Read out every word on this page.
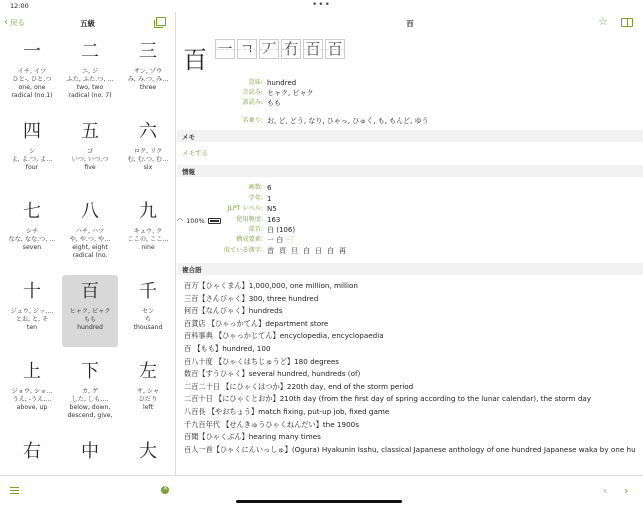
12:00	•••
◠ 100%
‹ 戻る	五級
一
イチ, イツ
ひと-, ひと.つ
one, one
radical (no.1)
二
ニ, ジ
ふた, ふた.つ, …
two, two
radical (no. 7)
三
サン, ゾウ
み, み.つ, み…
three
四
シ
よ, よ.つ, よ…
four
五
ゴ
いつ, いつ.つ
five
六
ロク, リク
む, む.つ, む…
six
七
シチ
なな, なな.つ, …
seven
八
ハチ, ハツ
や, や.つ, や…
eight, eight
radical (no.
九
キュウ, ク
ここの, ここ…
nine
十
ジュウ, ジッ,…
とお, と, そ
ten
百
ヒャク, ビャク
もも
hundred
千
セン
ち
thousand
上
ジョウ, ショ…
うえ, -うえ,…
above, up
下
カ, ゲ
した, しも,…
below, down,
descend, give,
左
サ, シャ
ひだり
left
右	中	大
百	☆
百 一 ㄱ 丆 冇 百 百
意味: hundred
音読み: ヒャク, ビャク
訓読み: もも
名乗り: お, ど, どう, なり, ひゃっ, ひゅく, も, もんど, ゆう
メモ
メモする
情報
画数: 6
学年: 1
JLPT レベル: N5
使用頻度: 163
部首: 白 (106)
構成要素: 一 白 ⿱
似ている漢字: 首 頁 旦 白 日 白 再
複合語
百万【ひゃくまん】1,000,000, one million, million
三百【さんびゃく】300, three hundred
何百【なんびゃく】hundreds
百貨店 【ひゃっかてん】department store
百科事典 【ひゃっかじてん】encyclopedia, encyclopaedia
百 【もも】hundred, 100
百八十度 【ひゃくはちじゅうど】180 degrees
数百【すうひゃく】several hundred, hundreds (of)
二百二十日 【にひゃくはつか】220th day, end of the storm period
二百十日 【にひゃくとおか】210th day (from the first day of spring according to the lunar calendar), the storm day
八百長 【やおちょう】match fixing, put-up job, fixed game
千九百年代 【せんきゅうひゃくねんだい】the 1900s
百聞【ひゃくぶん】hearing many times
百人一首【ひゃくにんいっしゅ】(Ogura) Hyakunin Isshu, classical Japanese anthology of one hundred Japanese waka by one hu
×
‹ ›
